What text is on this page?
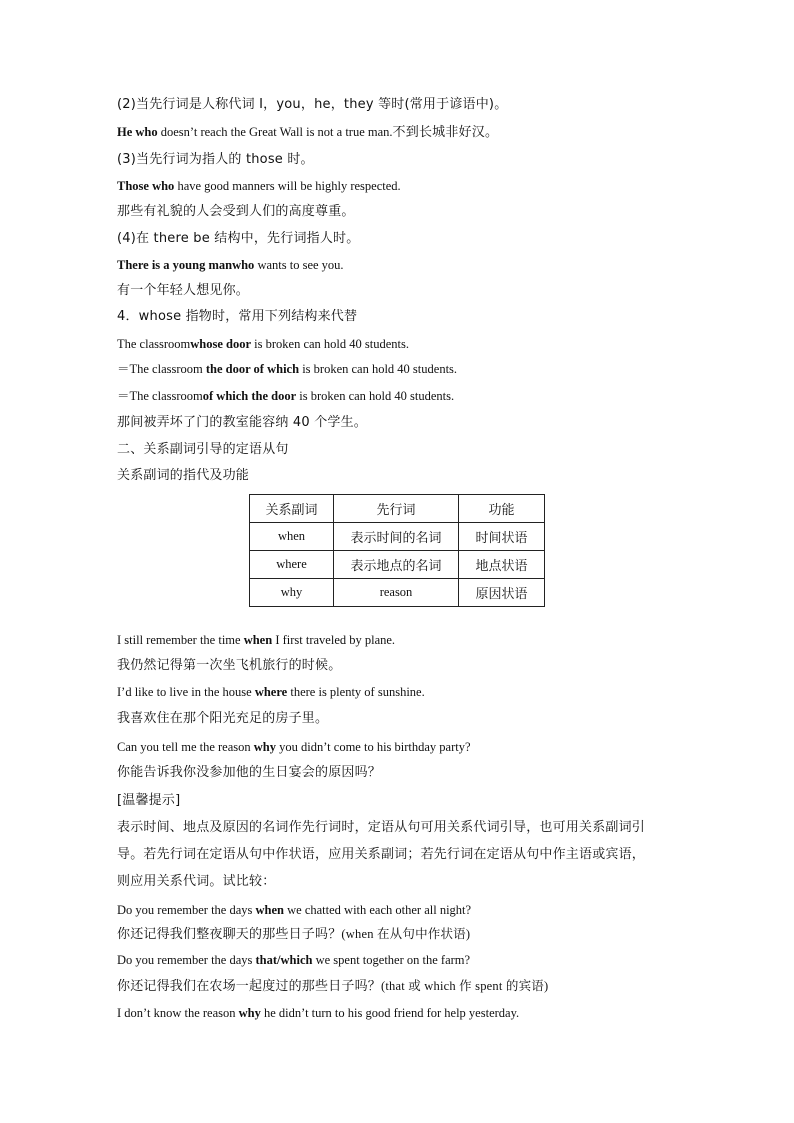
(2)当先行词是人称代词 I，you，he，they 等时(常用于谚语中)。
He who doesn’t reach the Great Wall is not a true man.不到长城非好汉。
(3)当先行词为指人的 those 时。
Those who have good manners will be highly respected.
那些有礼貌的人会受到人们的高度尊重。
(4)在 there be 结构中，先行词指人时。
There is a young manwho wants to see you.
有一个年轻人想见你。
4．whose 指物时，常用下列结构来代替
The classroomwhose door is broken can hold 40 students.
＝The classroom the door of which is broken can hold 40 students.
＝The classroomof which the door is broken can hold 40 students.
那间被弄坏了门的教室能容纳 40 个学生。
二、关系副词引导的定语从句
关系副词的指代及功能
关系副词	先行词	功能
when	表示时间的名词	时间状语
where	表示地点的名词	地点状语
why	reason	原因状语
I still remember the time when I first traveled by plane.
我仍然记得第一次坐飞机旅行的时候。
I’d like to live in the house where there is plenty of sunshine.
我喜欢住在那个阳光充足的房子里。
Can you tell me the reason why you didn’t come to his birthday party?
你能告诉我你没参加他的生日宴会的原因吗？
[温馨提示]
表示时间、地点及原因的名词作先行词时，定语从句可用关系代词引导，也可用关系副词引
导。若先行词在定语从句中作状语，应用关系副词；若先行词在定语从句中作主语或宾语，
则应用关系代词。试比较：
Do you remember the days when we chatted with each other all night?
你还记得我们整夜聊天的那些日子吗？(when 在从句中作状语)
Do you remember the days that/which we spent together on the farm?
你还记得我们在农场一起度过的那些日子吗？(that 或 which 作 spent 的宾语)
I don’t know the reason why he didn’t turn to his good friend for help yesterday.
